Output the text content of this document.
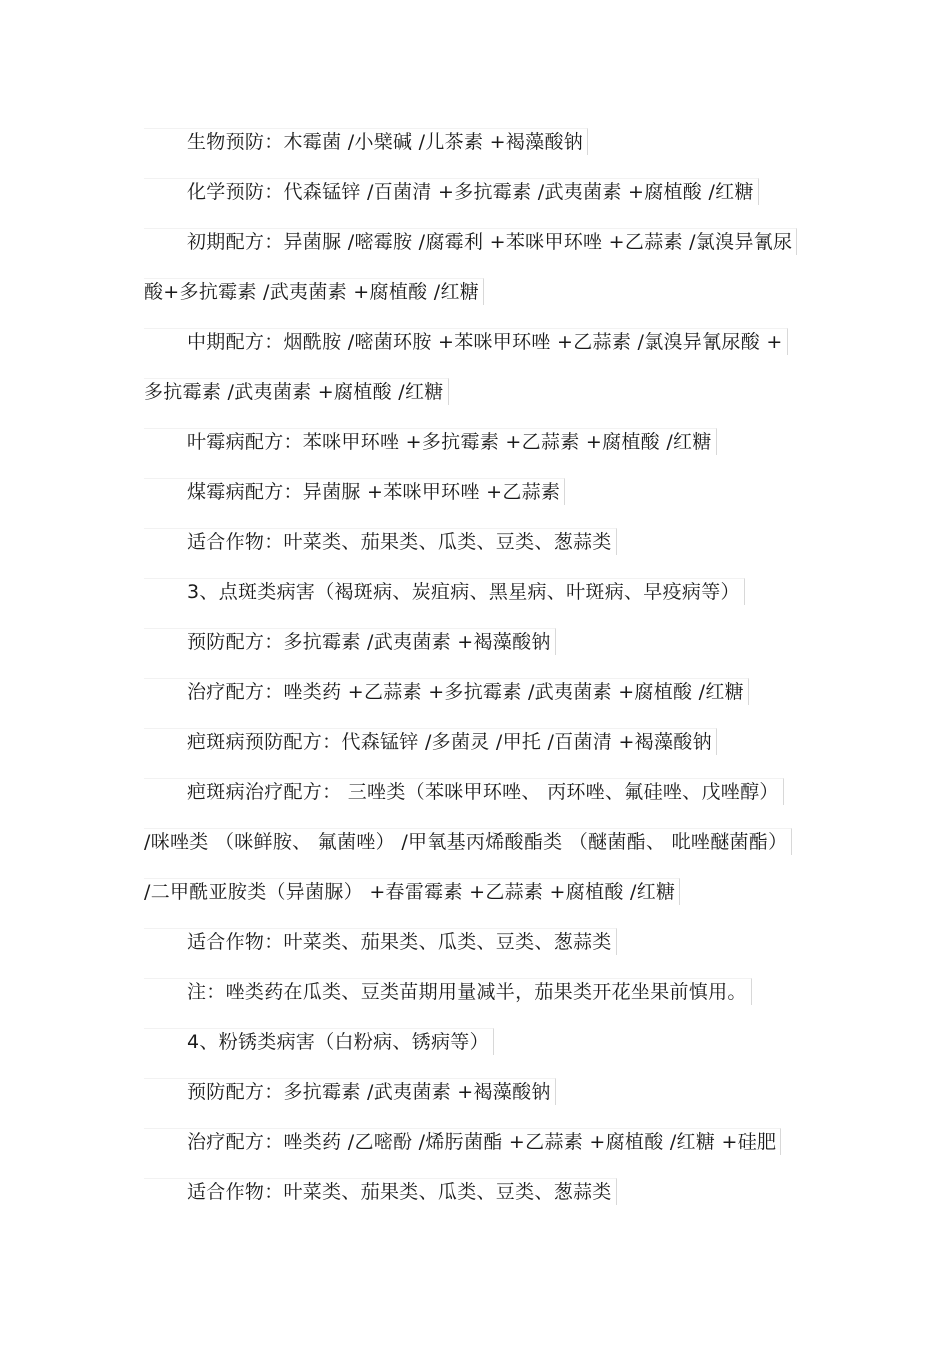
生物预防：木霉菌 /小檗碱 /儿茶素 +褐藻酸钠
化学预防：代森锰锌 /百菌清 +多抗霉素 /武夷菌素 +腐植酸 /红糖
初期配方：异菌脲 /嘧霉胺 /腐霉利 +苯咪甲环唑 +乙蒜素 /氯溴异氰尿
酸+多抗霉素 /武夷菌素 +腐植酸 /红糖
中期配方：烟酰胺 /嘧菌环胺 +苯咪甲环唑 +乙蒜素 /氯溴异氰尿酸 +
多抗霉素 /武夷菌素 +腐植酸 /红糖
叶霉病配方：苯咪甲环唑 +多抗霉素 +乙蒜素 +腐植酸 /红糖
煤霉病配方：异菌脲 +苯咪甲环唑 +乙蒜素
适合作物：叶菜类、茄果类、瓜类、豆类、葱蒜类
3、点斑类病害（褐斑病、炭疽病、黑星病、叶斑病、早疫病等）
预防配方：多抗霉素 /武夷菌素 +褐藻酸钠
治疗配方：唑类药 +乙蒜素 +多抗霉素 /武夷菌素 +腐植酸 /红糖
疤斑病预防配方：代森锰锌 /多菌灵 /甲托 /百菌清 +褐藻酸钠
疤斑病治疗配方： 三唑类（苯咪甲环唑、 丙环唑、氟硅唑、戊唑醇）
/咪唑类 （咪鲜胺、 氟菌唑） /甲氧基丙烯酸酯类 （醚菌酯、 吡唑醚菌酯）
/二甲酰亚胺类（异菌脲） +春雷霉素 +乙蒜素 +腐植酸 /红糖
适合作物：叶菜类、茄果类、瓜类、豆类、葱蒜类
注：唑类药在瓜类、豆类苗期用量减半，茄果类开花坐果前慎用。
4、粉锈类病害（白粉病、锈病等）
预防配方：多抗霉素 /武夷菌素 +褐藻酸钠
治疗配方：唑类药 /乙嘧酚 /烯肟菌酯 +乙蒜素 +腐植酸 /红糖 +硅肥
适合作物：叶菜类、茄果类、瓜类、豆类、葱蒜类
